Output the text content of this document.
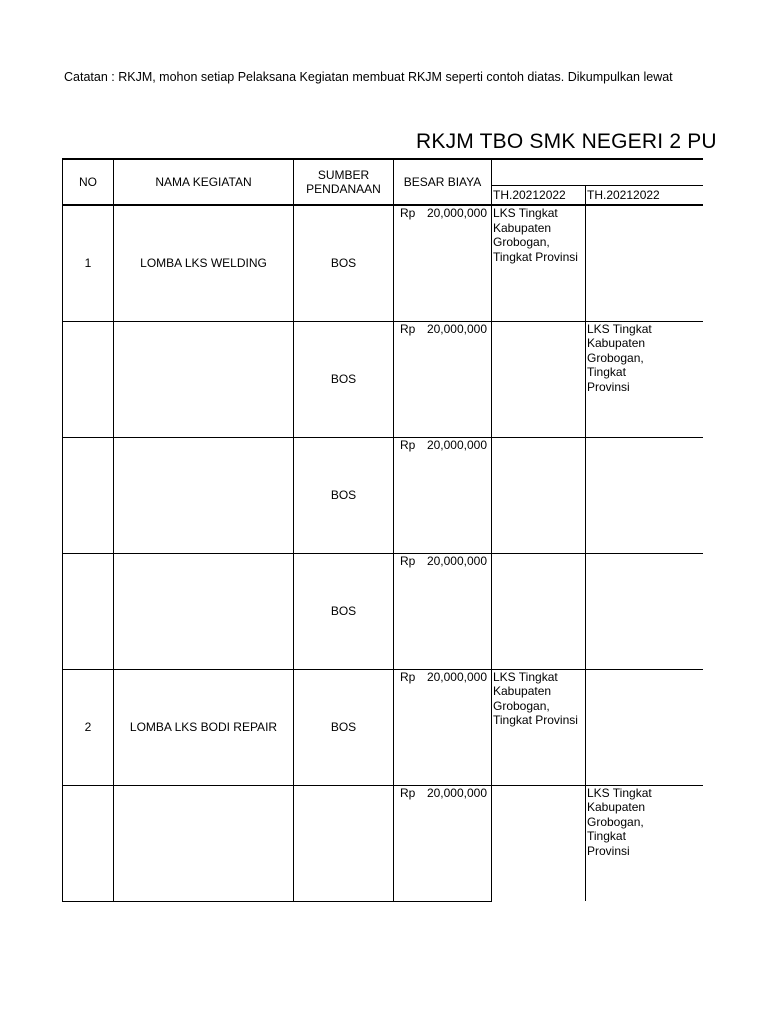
Catatan : RKJM, mohon setiap Pelaksana Kegiatan membuat RKJM seperti contoh diatas. Dikumpulkan lewat
RKJM TBO SMK NEGERI 2 PU
NO	NAMA KEGIATAN	SUMBER
PENDANAAN	BESAR BIAYA		
				TH.20212022	TH.20212022
1	LOMBA LKS WELDING	BOS	Rp 20,000,000	LKS Tingkat
Kabupaten
Grobogan,
Tingkat Provinsi	

		BOS	Rp 20,000,000		LKS Tingkat
Kabupaten
Grobogan,
Tingkat
Provinsi

		BOS	Rp 20,000,000		

		BOS	Rp 20,000,000		

2	LOMBA LKS BODI REPAIR	BOS	Rp 20,000,000	LKS Tingkat
Kabupaten
Grobogan,
Tingkat Provinsi	

			Rp 20,000,000		LKS Tingkat
Kabupaten
Grobogan,
Tingkat
Provinsi
